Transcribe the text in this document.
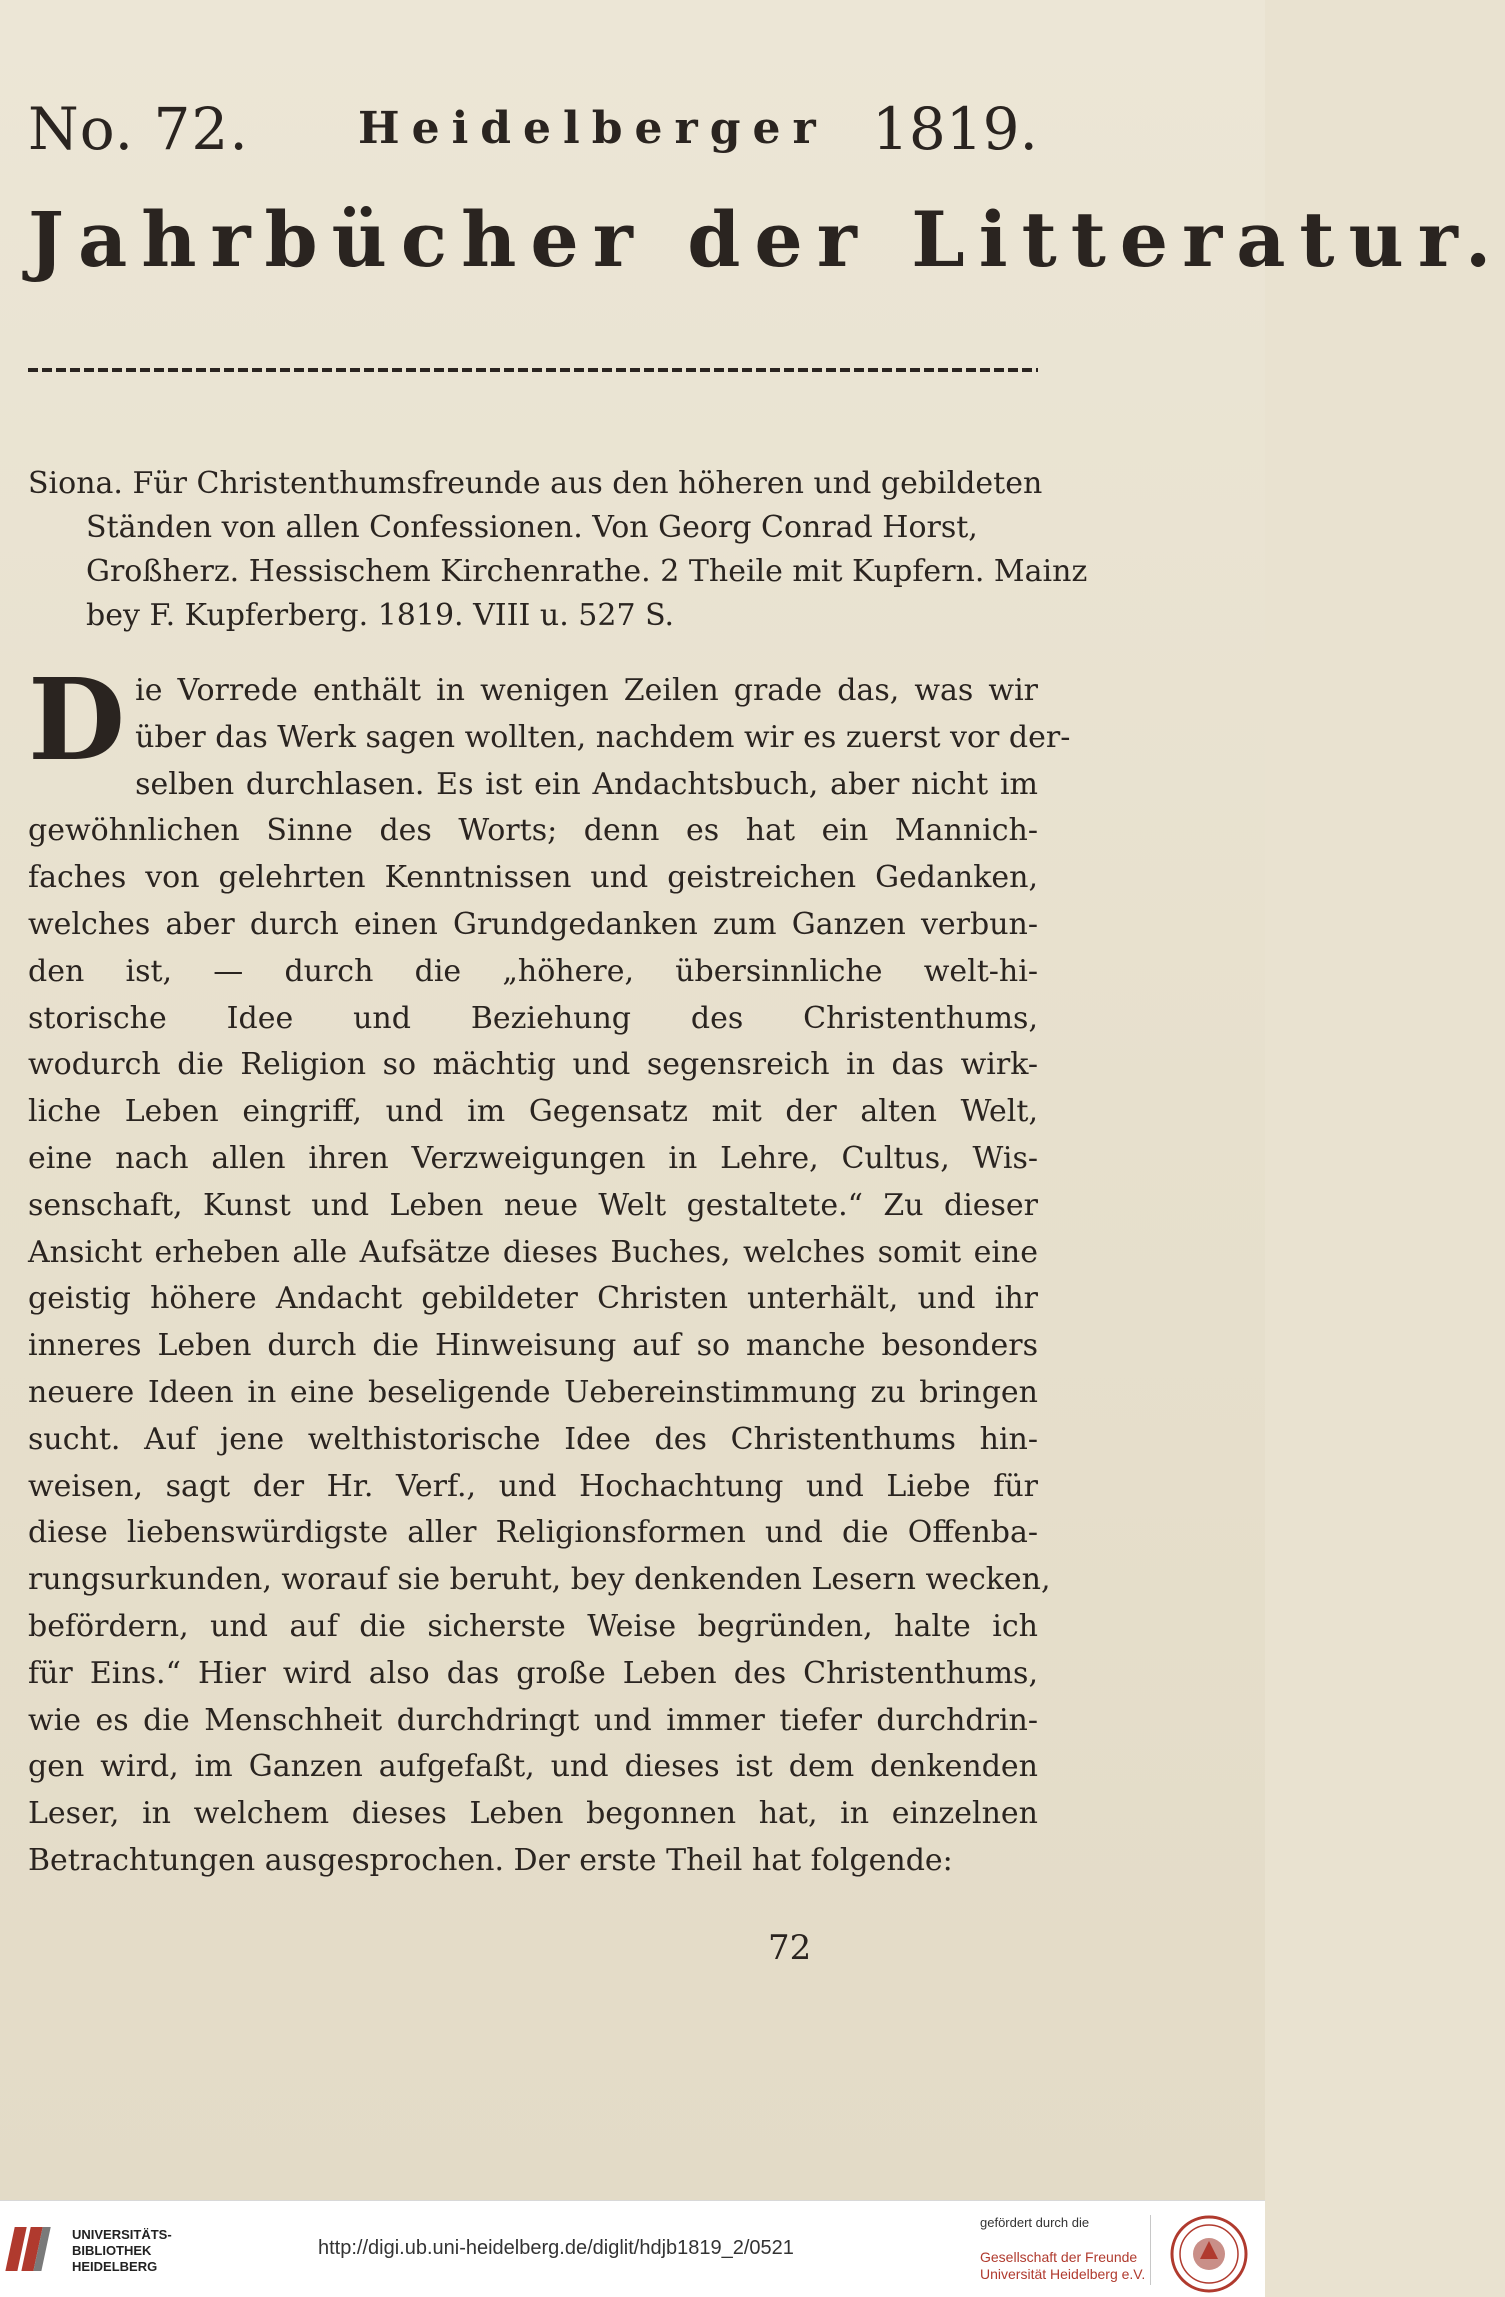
No. 72. Heidelberger 1819.
Jahrbücher der Litteratur.
Siona. Für Christenthumsfreunde aus den höheren und gebildeten
Ständen von allen Confessionen. Von Georg Conrad Horst,
Großherz. Hessischem Kirchenrathe. 2 Theile mit Kupfern. Mainz
bey F. Kupferberg. 1819. VIII u. 527 S.
D ie Vorrede enthält in wenigen Zeilen grade das, was wir
über das Werk sagen wollten, nachdem wir es zuerst vor der-
selben durchlasen. Es ist ein Andachtsbuch, aber nicht im
gewöhnlichen Sinne des Worts; denn es hat ein Mannich-
faches von gelehrten Kenntnissen und geistreichen Gedanken,
welches aber durch einen Grundgedanken zum Ganzen verbun-
den ist, — durch die „höhere, übersinnliche welt-hi-
storische Idee und Beziehung des Christenthums,
wodurch die Religion so mächtig und segensreich in das wirk-
liche Leben eingriff, und im Gegensatz mit der alten Welt,
eine nach allen ihren Verzweigungen in Lehre, Cultus, Wis-
senschaft, Kunst und Leben neue Welt gestaltete.“ Zu dieser
Ansicht erheben alle Aufsätze dieses Buches, welches somit eine
geistig höhere Andacht gebildeter Christen unterhält, und ihr
inneres Leben durch die Hinweisung auf so manche besonders
neuere Ideen in eine beseligende Uebereinstimmung zu bringen
sucht. Auf jene welthistorische Idee des Christenthums hin-
weisen, sagt der Hr. Verf., und Hochachtung und Liebe für
diese liebenswürdigste aller Religionsformen und die Offenba-
rungsurkunden, worauf sie beruht, bey denkenden Lesern wecken,
befördern, und auf die sicherste Weise begründen, halte ich
für Eins.“ Hier wird also das große Leben des Christenthums,
wie es die Menschheit durchdringt und immer tiefer durchdrin-
gen wird, im Ganzen aufgefaßt, und dieses ist dem denkenden
Leser, in welchem dieses Leben begonnen hat, in einzelnen
Betrachtungen ausgesprochen. Der erste Theil hat folgende:
72
UNIVERSITÄTS-
BIBLIOTHEK
HEIDELBERG
http://digi.ub.uni-heidelberg.de/diglit/hdjb1819_2/0521
gefördert durch die
Gesellschaft der Freunde
Universität Heidelberg e.V.
